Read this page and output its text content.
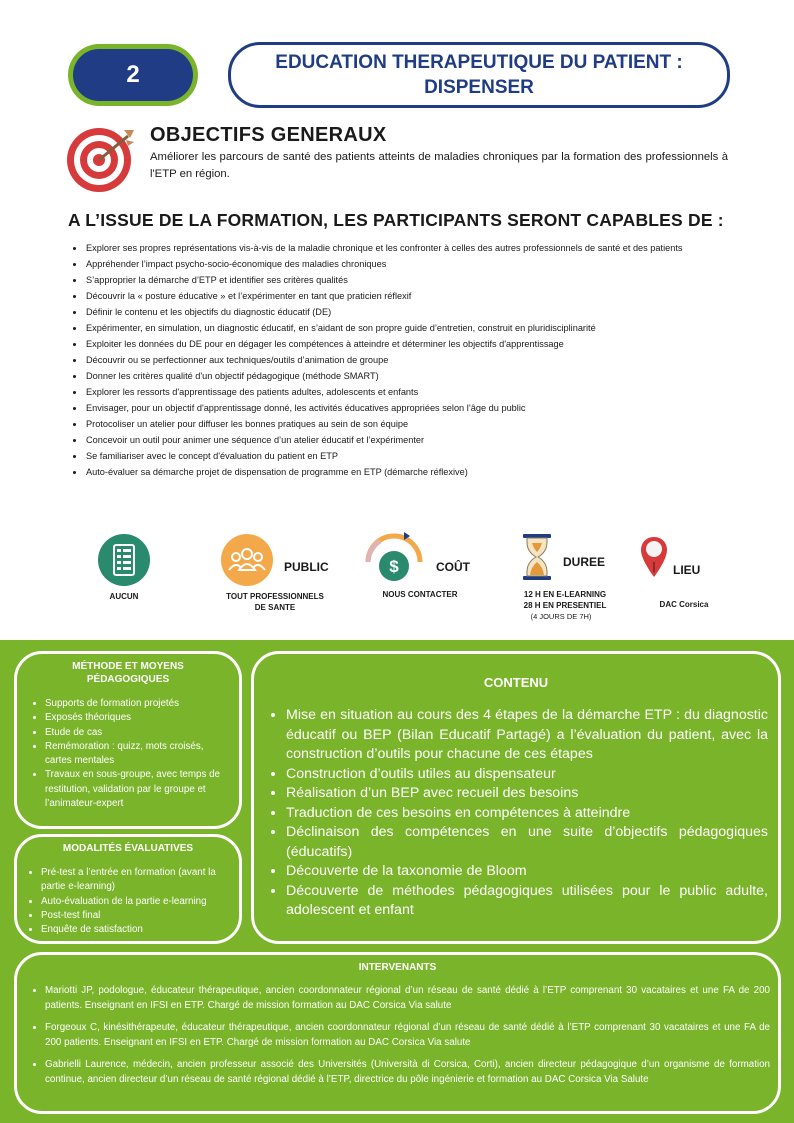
2	EDUCATION THERAPEUTIQUE DU PATIENT :
DISPENSER
OBJECTIFS GENERAUX
Améliorer les parcours de santé des patients atteints de maladies chroniques par la formation des professionnels à l'ETP en région.
A L’ISSUE DE LA FORMATION, LES PARTICIPANTS SERONT CAPABLES DE :
• Explorer ses propres représentations vis-à-vis de la maladie chronique et les confronter à celles des autres professionnels de santé et des patients
• Appréhender l’impact psycho-socio-économique des maladies chroniques
• S’approprier la démarche d’ETP et identifier ses critères qualités
• Découvrir la « posture éducative » et l’expérimenter en tant que praticien réflexif
• Définir le contenu et les objectifs du diagnostic éducatif (DE)
• Expérimenter, en simulation, un diagnostic éducatif, en s’aidant de son propre guide d’entretien, construit en pluridisciplinarité
• Exploiter les données du DE pour en dégager les compétences à atteindre et déterminer les objectifs d'apprentissage
• Découvrir ou se perfectionner aux techniques/outils d’animation de groupe
• Donner les critères qualité d'un objectif pédagogique (méthode SMART)
• Explorer les ressorts d'apprentissage des patients adultes, adolescents et enfants
• Envisager, pour un objectif d'apprentissage donné, les activités éducatives appropriées selon l’âge du public
• Protocoliser un atelier pour diffuser les bonnes pratiques au sein de son équipe
• Concevoir un outil pour animer une séquence d’un atelier éducatif et l’expérimenter
• Se familiariser avec le concept d'évaluation du patient en ETP
• Auto-évaluer sa démarche projet de dispensation de programme en ETP (démarche réflexive)
AUCUN
PUBLIC
TOUT PROFESSIONNELS
DE SANTE
$	COÛT
NOUS CONTACTER
DUREE
12 H EN E-LEARNING
28 H EN PRESENTIEL
(4 JOURS DE 7H)
LIEU
DAC Corsica
MÉTHODE ET MOYENS
PÉDAGOGIQUES
• Supports de formation projetés
• Exposés théoriques
• Etude de cas
• Remémoration : quizz, mots croisés, cartes mentales
• Travaux en sous-groupe, avec temps de restitution, validation par le groupe et l’animateur-expert
MODALITÉS ÉVALUATIVES
• Pré-test a l’entrée en formation (avant la partie e-learning)
• Auto-évaluation de la partie e-learning
• Post-test final
• Enquête de satisfaction
CONTENU
• Mise en situation au cours des 4 étapes de la démarche ETP : du diagnostic éducatif ou BEP (Bilan Educatif Partagé) a l’évaluation du patient, avec la construction d’outils pour chacune de ces étapes
• Construction d’outils utiles au dispensateur
• Réalisation d’un BEP avec recueil des besoins
• Traduction de ces besoins en compétences à atteindre
• Déclinaison des compétences en une suite d’objectifs pédagogiques (éducatifs)
• Découverte de la taxonomie de Bloom
• Découverte de méthodes pédagogiques utilisées pour le public adulte, adolescent et enfant
INTERVENANTS
• Mariotti JP, podologue, éducateur thérapeutique, ancien coordonnateur régional d’un réseau de santé dédié à l’ETP comprenant 30 vacataires et une FA de 200 patients. Enseignant en IFSI en ETP. Chargé de mission formation au DAC Corsica Via salute
• Forgeoux C, kinésithérapeute, éducateur thérapeutique, ancien coordonnateur régional d’un réseau de santé dédié à l’ETP comprenant 30 vacataires et une FA de 200 patients. Enseignant en IFSI en ETP. Chargé de mission formation au DAC Corsica Via salute
• Gabrielli Laurence, médecin, ancien professeur associé des Universités (Università di Corsica, Corti), ancien directeur pédagogique d’un organisme de formation continue, ancien directeur d’un réseau de santé régional dédié à l’ETP, directrice du pôle ingénierie et formation au DAC Corsica Via Salute
